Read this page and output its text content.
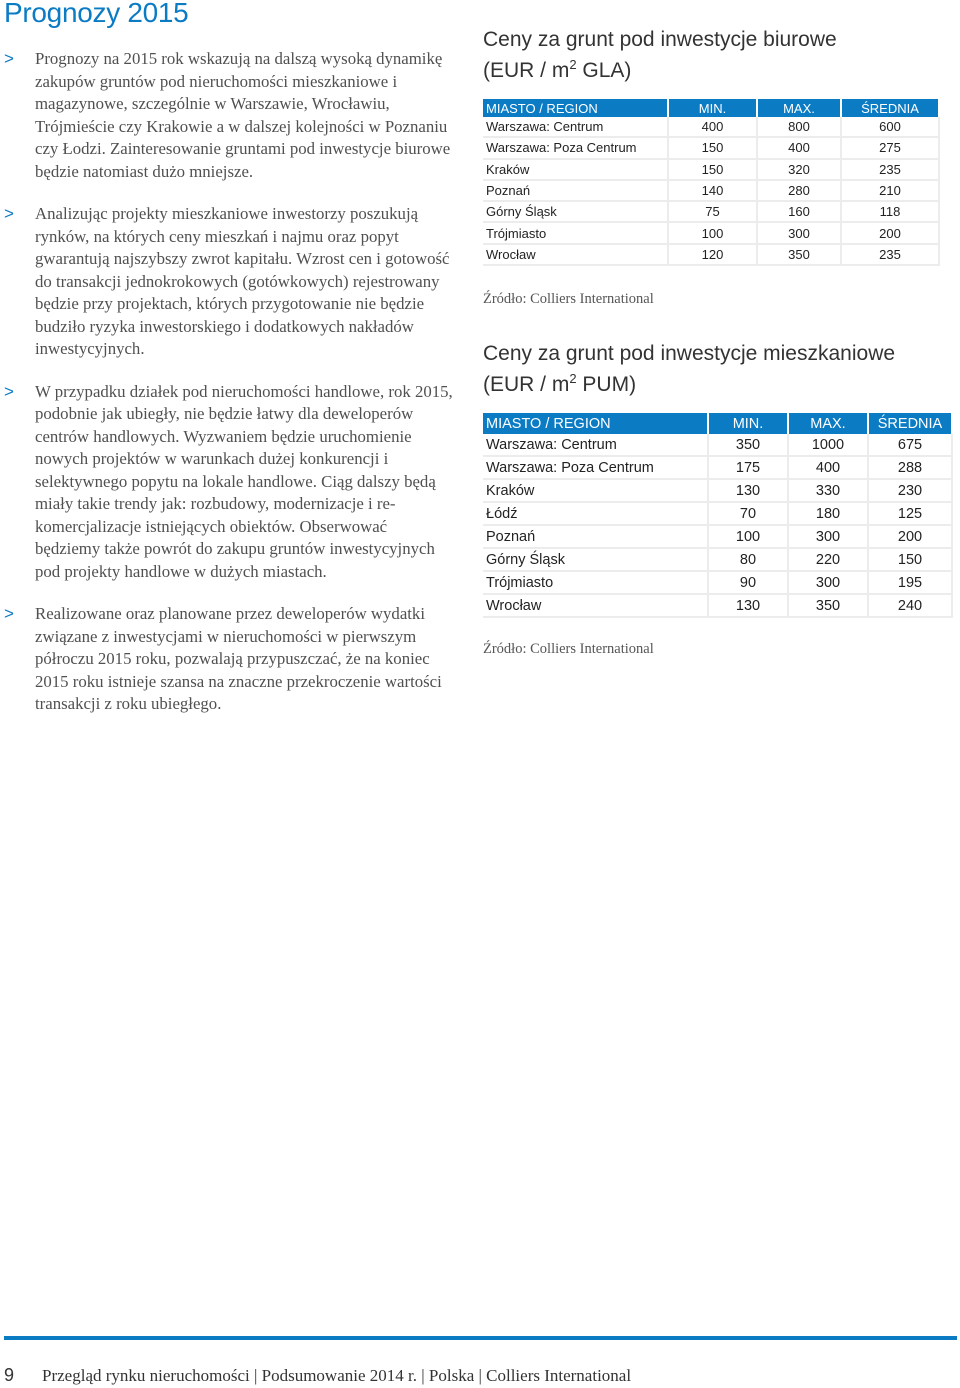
Prognozy 2015

> Prognozy na 2015 rok wskazują na dalszą wysoką dynamikę zakupów gruntów pod nieruchomości mieszkaniowe i magazynowe, szczególnie w Warszawie, Wrocławiu, Trójmieście czy Krakowie a w dalszej kolejności w Poznaniu czy Łodzi. Zainteresowanie gruntami pod inwestycje biurowe będzie natomiast dużo mniejsze.

> Analizując projekty mieszkaniowe inwestorzy poszukują rynków, na których ceny mieszkań i najmu oraz popyt gwarantują najszybszy zwrot kapitału. Wzrost cen i gotowość do transakcji jednokrokowych (gotówkowych) rejestrowany będzie przy projektach, których przygotowanie nie będzie budziło ryzyka inwestorskiego i dodatkowych nakładów inwestycyjnych.

> W przypadku działek pod nieruchomości handlowe, rok 2015, podobnie jak ubiegły, nie będzie łatwy dla deweloperów centrów handlowych. Wyzwaniem będzie uruchomienie nowych projektów w warunkach dużej konkurencji i selektywnego popytu na lokale handlowe. Ciąg dalszy będą miały takie trendy jak: rozbudowy, modernizacje i re-komercjalizacje istniejących obiektów. Obserwować będziemy także powrót do zakupu gruntów inwestycyjnych pod projekty handlowe w dużych miastach.

> Realizowane oraz planowane przez deweloperów wydatki związane z inwestycjami w nieruchomości w pierwszym półroczu 2015 roku, pozwalają przypuszczać, że na koniec 2015 roku istnieje szansa na znaczne przekroczenie wartości transakcji z roku ubiegłego.

Ceny za grunt pod inwestycje biurowe
($EUR / m^2$ GLA)
MIASTO / REGION	MIN.	MAX.	ŚREDNIA
Warszawa: Centrum	400	800	600
Warszawa: Poza Centrum	150	400	275
Kraków	150	320	235
Poznań	140	280	210
Górny Śląsk	75	160	118
Trójmiasto	100	300	200
Wrocław	120	350	235

Źródło: Colliers International

Ceny za grunt pod inwestycje mieszkaniowe
($EUR / m^2$ PUM)
MIASTO / REGION	MIN.	MAX.	ŚREDNIA
Warszawa: Centrum	350	1000	675
Warszawa: Poza Centrum	175	400	288
Kraków	130	330	230
Łódź	70	180	125
Poznań	100	300	200
Górny Śląsk	80	220	150
Trójmiasto	90	300	195
Wrocław	130	350	240

Źródło: Colliers International

9 Przegląd rynku nieruchomości | Podsumowanie 2014 r. | Polska | Colliers International
